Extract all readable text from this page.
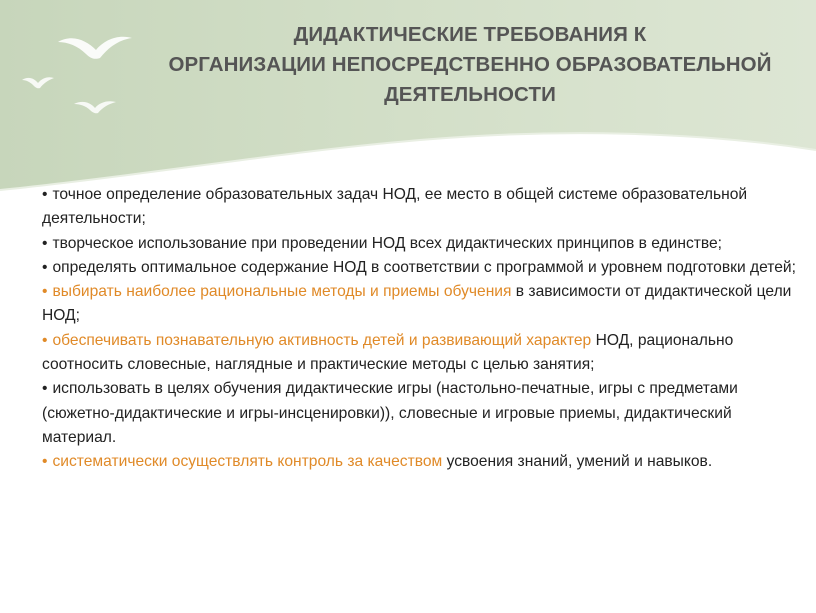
ДИДАКТИЧЕСКИЕ ТРЕБОВАНИЯ К
ОРГАНИЗАЦИИ НЕПОСРЕДСТВЕННО ОБРАЗОВАТЕЛЬНОЙ
ДЕЯТЕЛЬНОСТИ
• точное определение образовательных задач НОД, ее место в общей системе образовательной деятельности;
• творческое использование при проведении НОД всех дидактических принципов в единстве;
• определять оптимальное содержание НОД в соответствии с программой и уровнем подготовки детей;
• выбирать наиболее рациональные методы и приемы обучения в зависимости от дидактической цели НОД;
• обеспечивать познавательную активность детей и развивающий характер НОД, рационально соотносить словесные, наглядные и практические методы с целью занятия;
• использовать в целях обучения дидактические игры (настольно-печатные, игры с предметами (сюжетно-дидактические и игры-инсценировки)), словесные и игровые приемы, дидактический материал.
• систематически осуществлять контроль за качеством усвоения знаний, умений и навыков.
